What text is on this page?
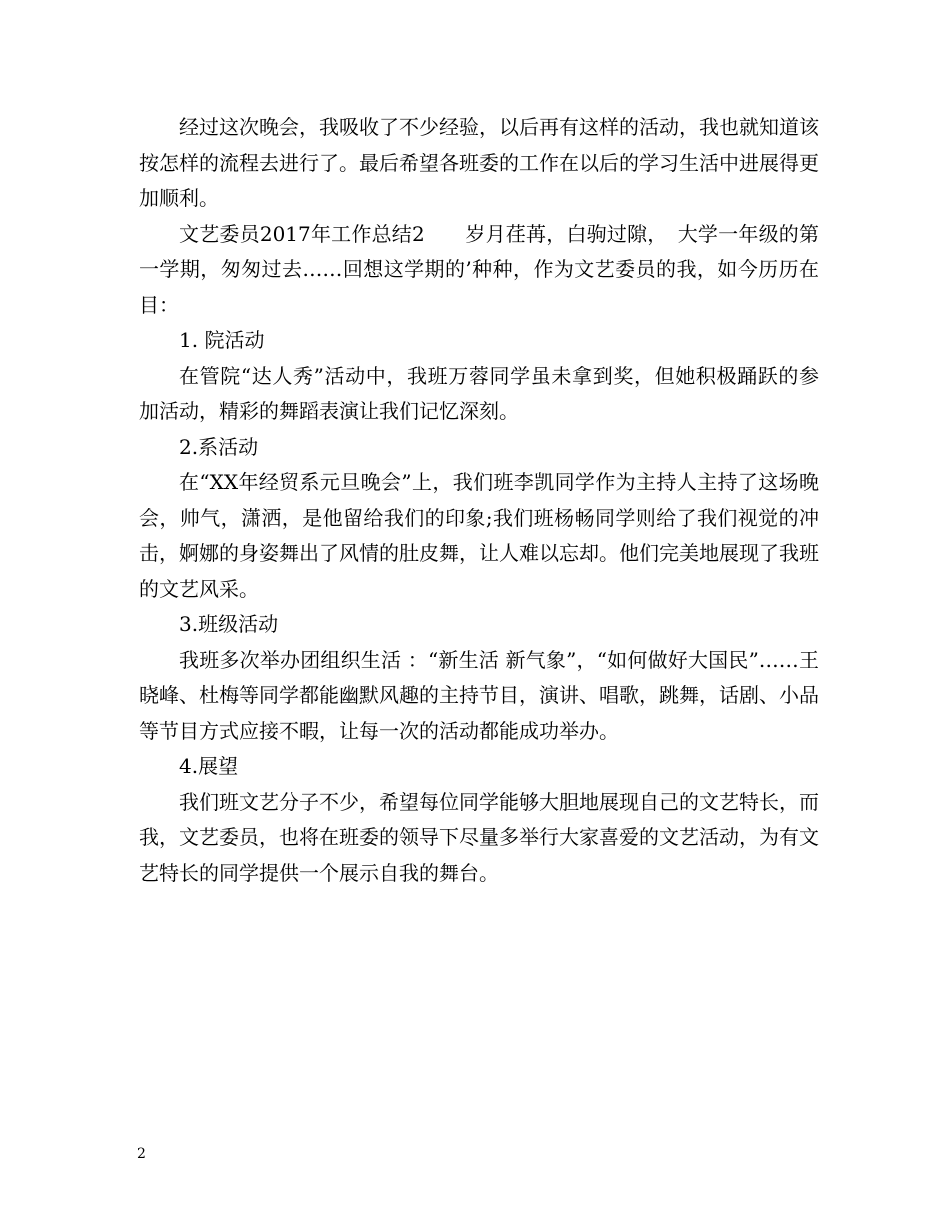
经过这次晚会，我吸收了不少经验，以后再有这样的活动，我也就知道该按怎样的流程去进行了。最后希望各班委的工作在以后的学习生活中进展得更加顺利。

文艺委员2017年工作总结2　　岁月荏苒，白驹过隙，　大学一年级的第一学期，匆匆过去……回想这学期的’种种，作为文艺委员的我，如今历历在目：

1. 院活动

在管院“达人秀”活动中，我班万蓉同学虽未拿到奖，但她积极踊跃的参加活动，精彩的舞蹈表演让我们记忆深刻。

2.系活动

在“XX年经贸系元旦晚会”上，我们班李凯同学作为主持人主持了这场晚会，帅气，潇洒，是他留给我们的印象;我们班杨畅同学则给了我们视觉的冲击，婀娜的身姿舞出了风情的肚皮舞，让人难以忘却。他们完美地展现了我班的文艺风采。

3.班级活动

我班多次举办团组织生活 ：“新生活 新气象”，“如何做好大国民”……王晓峰、杜梅等同学都能幽默风趣的主持节目，演讲、唱歌，跳舞，话剧、小品等节目方式应接不暇，让每一次的活动都能成功举办。

4.展望

我们班文艺分子不少，希望每位同学能够大胆地展现自己的文艺特长，而我，文艺委员，也将在班委的领导下尽量多举行大家喜爱的文艺活动，为有文艺特长的同学提供一个展示自我的舞台。

2
